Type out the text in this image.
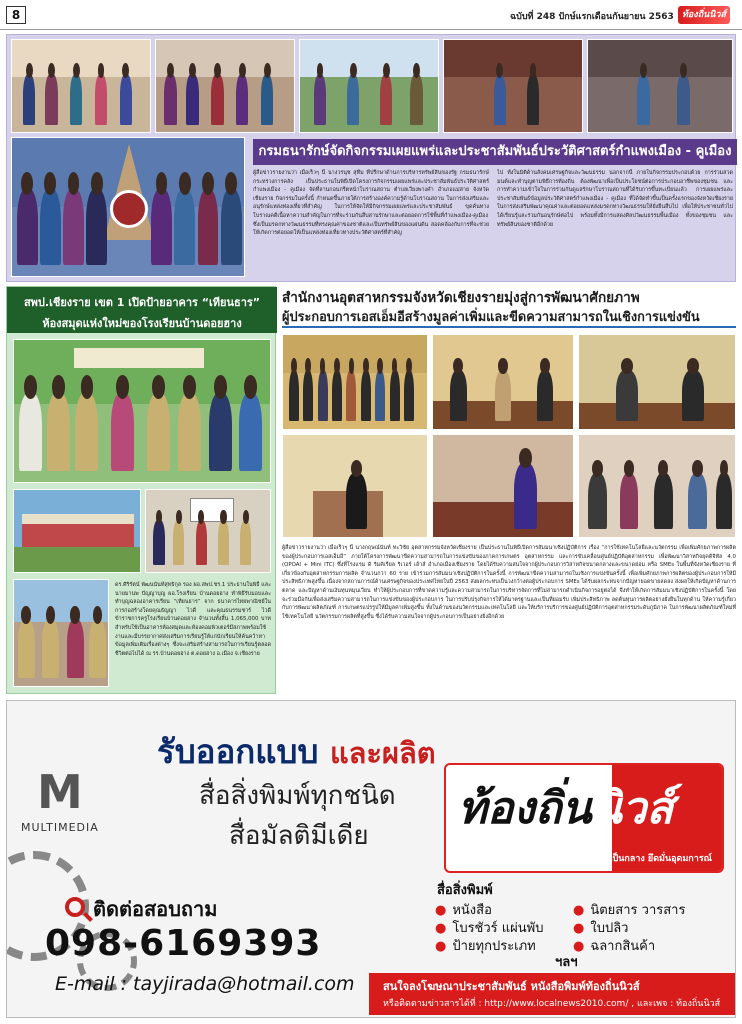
8	ฉบับที่ 248 ปักษ์แรกเดือนกันยายน 2563 ท้องถิ่นนิวส์
กรมธนารักษ์จัดกิจกรรมเผยแพร่และประชาสัมพันธ์ประวัติศาสตร์กำแพงเมือง - คูเมือง
ผู้สื่อข่าวรายงานว่า เมื่อเร็วๆ นี้ นางวรนุช สุทีม ที่ปรึกษาด้านการบริหารทรัพย์สินของรัฐ กรมธนารักษ์ กระทรวงการคลัง เป็นประธานในพิธีเปิดโครงการกิจกรรมเผยแพร่และประชาสัมพันธ์ประวัติศาสตร์กำแพงเมือง - คูเมือง จัดที่ลานกอนกรีตหน้าโบราณสถาน ตำบลเวียงพางคำ อำเภอแม่สาย จังหวัดเชียงราย กิจกรรมในครั้งนี้ กำหนดขึ้นภายใต้การสร้างองค์ความรู้ด้านโบราณสถาน ในการส่งเสริมและอนุรักษ์แหล่งท่องเที่ยวที่สำคัญ ในการให้จัดให้มีกิจกรรมเผยแพร่และประชาสัมพันธ์ ขุดค้นทางโบราณคดีเนื้อหาความสำคัญในการที่จะร่วมกันสืบสานรักษาและต่อยอดการใช้พื้นที่กำแพงเมือง-คูเมือง ซึ่งเป็นมรดกทางวัฒนธรรมที่ทรงคุณค่าของชาติและเป็นทรัพย์สินของแผ่นดิน สอดคล้องกับการที่จะช่วยให้เกิดการต่อยอดให้เป็นแหล่งท่องเที่ยวทางประวัติศาสตร์ที่สำคัญ
ไป ทั้งในมิติด้านสังคมเศรษฐกิจและวัฒนธรรม นอกจากนี้ ภายในกิจกรรมประกอบด้วย การร่วมสวดมนต์และทำบุญตามพิธีการท้องถิ่น ต้องพัฒนาเพื่อเป็นประโยชน์ต่อการประกอบอาชีพของชุมชน และการทำความเข้าใจในการร่วมกันดูแลรักษาโบราณสถานที่ได้รับการขึ้นทะเบียนแล้ว การเผยแพร่และประชาสัมพันธ์ข้อมูลประวัติศาสตร์กำแพงเมือง - คูเมือง ที่ได้จัดทำขึ้นเป็นครั้งแรกของจังหวัดเชียงราย ในการส่งเสริมพัฒนาคุณค่าและต่อยอดแหล่งมรดกทางวัฒนธรรมให้ยั่งยืนสืบไป เพื่อให้ประชาชนทั่วไปได้เรียนรู้และร่วมกันอนุรักษ์ต่อไป พร้อมทั้งมีการแสดงศิลปวัฒนธรรมพื้นเมือง ทั้งของชุมชน และทรัพย์สินของชาติอีกด้วย
สพป.เชียงราย เขต 1 เปิดป้ายอาคาร “เทียนธาร”
ห้องสมุดแห่งใหม่ของโรงเรียนบ้านดอยฮาง
ดร.ศิริรัตน์ พัฒนนันท์สุทธิกุล รอง ผอ.สพป.ชร.1 ประธานในพิธี และนายมานพ ปัญญาบุญ ผอ.โรงเรียน บ้านดอยฮาง ทำพิธีรับมอบและทำบุญฉลองอาคารเรียน “เทียนธาร” จาก ธนาคารไทยพาณิชย์ในการก่อสร้างโดยคุณธัญญา ไวดี และคุณธนรรมชาร์ ไวดี ข้าราชการครูโรงเรียนบ้านดอยฮาง จำนวนทั้งสิ้น 1,065,000 บาท สำหรับใช้เป็นอาคารห้องสมุดและห้องคอมพิวเตอร์มีสภาพพร้อมใช้งานและมีบรรยากาศส่งเสริมการเรียนรู้ให้แก่นักเรียนให้ค้นคว้าหาข้อมูลเพิ่มเติมเรื่องต่างๆ ซึ่งจะเสริมสร้างสามารถในการเรียนรู้ตลอดชีวิตต่อไปได้ ณ รร.บ้านดอยฮาง ต.ดอยฮาง อ.เมือง จ.เชียงราย
สำนักงานอุตสาหกรรมจังหวัดเชียงรายมุ่งสู่การพัฒนาศักยภาพ
ผู้ประกอบการเอสเอ็มอีสร้างมูลค่าเพิ่มและขีดความสามารถในเชิงการแข่งขัน
ผู้สื่อข่าวรายงานว่า เมื่อเร็วๆ นี้ นางกฤษณ์นันท์ ทะวิชัย อุตสาหกรรมจังหวัดเชียงราย เป็นประธานในพิธีเปิดการสัมมนาเชิงปฏิบัติการ เรื่อง “การใช้เทคโนโลยีและนวัตกรรม เพื่อเพิ่มศักยภาพการผลิตของผู้ประกอบการเอสเอ็มอี” ภายใต้โครงการพัฒนาขีดความสามารถในการแข่งขันของภาคการเกษตร อุตสาหกรรม และการขับเคลื่อนศูนย์ปฏิบัติอุตสาหกรรม เพื่อพัฒนาวิสาหกิจยุคดิจิทัล 4.0 (OPOAI + Mini ITC) ซึ่งที่โรงแรม ดิ ริมคิเรียล ริเวอร์ เฮ้าส์ อำเภอเมืองเชียงราย โดยได้รับความสนใจจากผู้ประกอบการวิสาหกิจขนาดกลางและขนาดย่อม หรือ SMEs ในพื้นที่จังหวัดเชียงราย ที่เกี่ยวข้องกับอุตสาหกรรมการผลิต จำนวนกว่า 60 ราย เข้าร่วมการสัมมนาเชิงปฏิบัติการในครั้งนี้ การพัฒนาขีดความสามารถในเชิงการแข่งขันครั้งนี้ เพื่อเพิ่มศักยภาพการผลิตของผู้ประกอบการให้มีประสิทธิภาพสูงขึ้น เนื่องจากสถานการณ์ด้านเศรษฐกิจของประเทศไทยในปี 2563 ส่งผลกระทบเป็นวงกว้างต่อผู้ประกอบการ SMEs ได้รับผลกระทบจากปัญหายอดขายลดลง ส่งผลให้เกิดปัญหาด้านการตลาด และปัญหาด้านเงินทุนหมุนเวียน ทำให้ผู้ประกอบการที่ขาดความรู้และความสามารถในการบริหารจัดการที่ไม่สามารถดำเนินกิจการอยู่ต่อได้ จึงทำให้เกิดการสัมมนาเชิงปฏิบัติการในครั้งนี้ โดยจะร่วมมือกันเพื่อส่งเสริมความสามารถในการแข่งขันของผู้ประกอบการ ในการปรับปรุงกิจการให้ได้มาตรฐานและเป็นที่ยอมรับ เพิ่มประสิทธิภาพ ลดต้นทุนการผลิตอย่างยั่งยืนในทุกด้าน ให้ความรู้เกี่ยวกับการพัฒนาผลิตภัณฑ์ การเกษตรแปรรูปให้มีมูลค่าเพิ่มสูงขึ้น ทั้งในด้านของนวัตกรรมและเทคโนโลยี และให้บริการบริการของศูนย์ปฏิบัติการอุตสาหกรรมระดับภูมิภาค ในการพัฒนาผลิตภัณฑ์ใหม่ที่ใช้เทคโนโลยี นวัตกรรมการผลิตที่สูงขึ้น ซึ่งได้รับความสนใจจากผู้ประกอบการเป็นอย่างยิ่งอีกด้วย
M
MULTIMEDIA
รับออกแบบ และผลิต
สื่อสิ่งพิมพ์ทุกชนิด
สื่อมัลติมีเดีย
ติดต่อสอบถาม
098-6169393
E-mail : tayjirada@hotmail.com
ท้องถิ่นนิวส์
เป็นกลาง ยึดมั่นอุดมการณ์
สื่อสิ่งพิมพ์
● หนังสือ
● โบรชัวร์ แผ่นพับ
● ป้ายทุกประเภท
● นิตยสาร วารสาร
● ใบปลิว
● ฉลากสินค้า
ฯลฯ
สนใจลงโฆษณาประชาสัมพันธ์ หนังสือพิมพ์ท้องถิ่นนิวส์
หรือติดตามข่าวสารได้ที่ : http://www.localnews2010.com/ , และเพจ : ท้องถิ่นนิวส์
